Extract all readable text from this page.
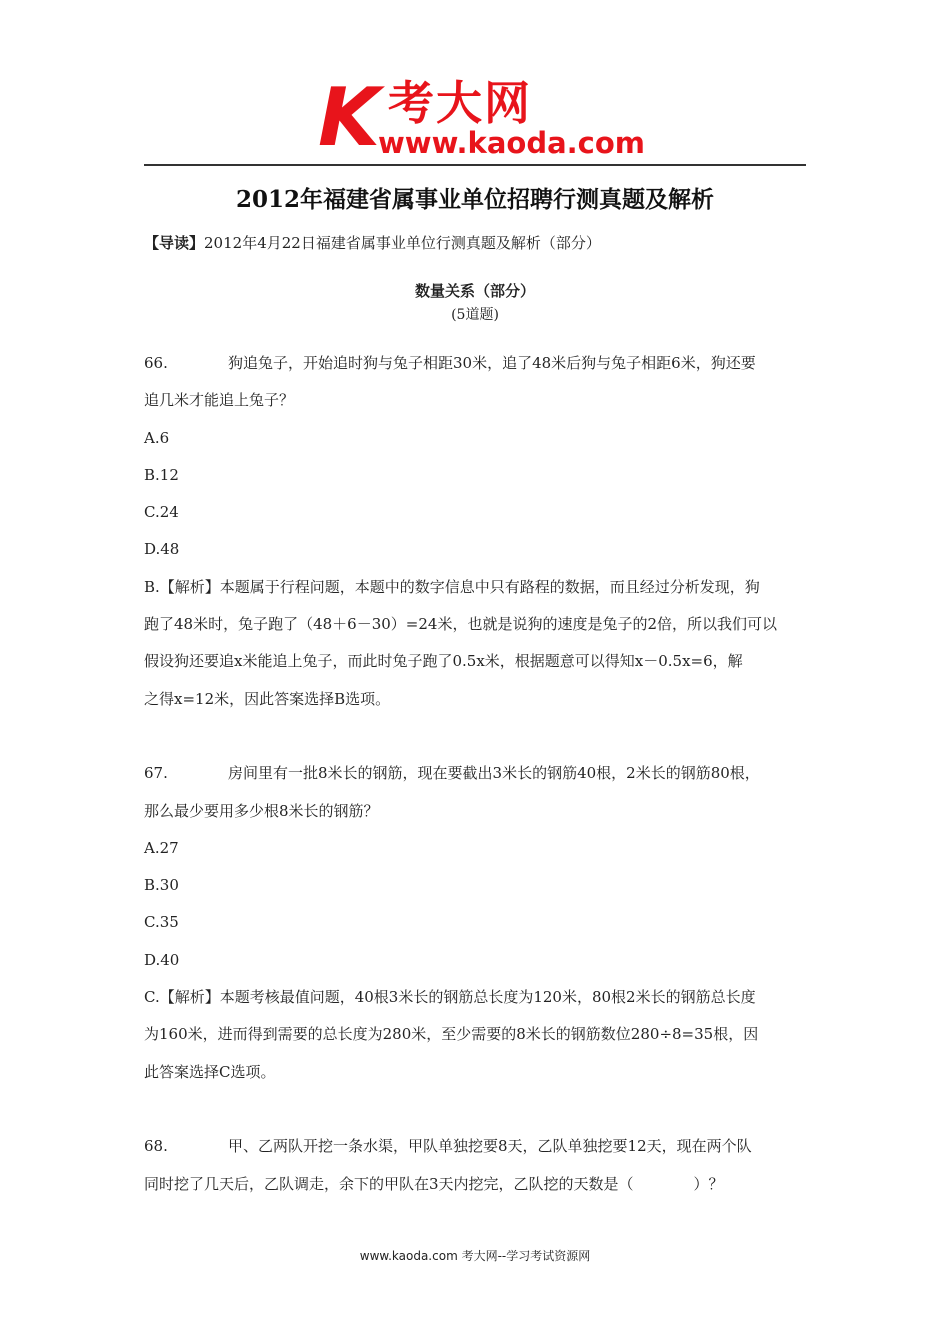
K 考大网
www.kaoda.com
2012年福建省属事业单位招聘行测真题及解析
【导读】2012年4月22日福建省属事业单位行测真题及解析（部分）
数量关系（部分）
(5道题)
66.	狗追兔子，开始追时狗与兔子相距30米，追了48米后狗与兔子相距6米，狗还要
追几米才能追上兔子？
A.6
B.12
C.24
D.48
B.【解析】本题属于行程问题，本题中的数字信息中只有路程的数据，而且经过分析发现，狗
跑了48米时，兔子跑了（48＋6－30）=24米，也就是说狗的速度是兔子的2倍，所以我们可以
假设狗还要追x米能追上兔子，而此时兔子跑了0.5x米，根据题意可以得知x－0.5x=6，解
之得x=12米，因此答案选择B选项。
67.	房间里有一批8米长的钢筋，现在要截出3米长的钢筋40根，2米长的钢筋80根，
那么最少要用多少根8米长的钢筋？
A.27
B.30
C.35
D.40
C.【解析】本题考核最值问题，40根3米长的钢筋总长度为120米，80根2米长的钢筋总长度
为160米，进而得到需要的总长度为280米，至少需要的8米长的钢筋数位280÷8=35根，因
此答案选择C选项。
68.	甲、乙两队开挖一条水渠，甲队单独挖要8天，乙队单独挖要12天，现在两个队
同时挖了几天后，乙队调走，余下的甲队在3天内挖完，乙队挖的天数是（　　　　）？
www.kaoda.com 考大网--学习考试资源网
